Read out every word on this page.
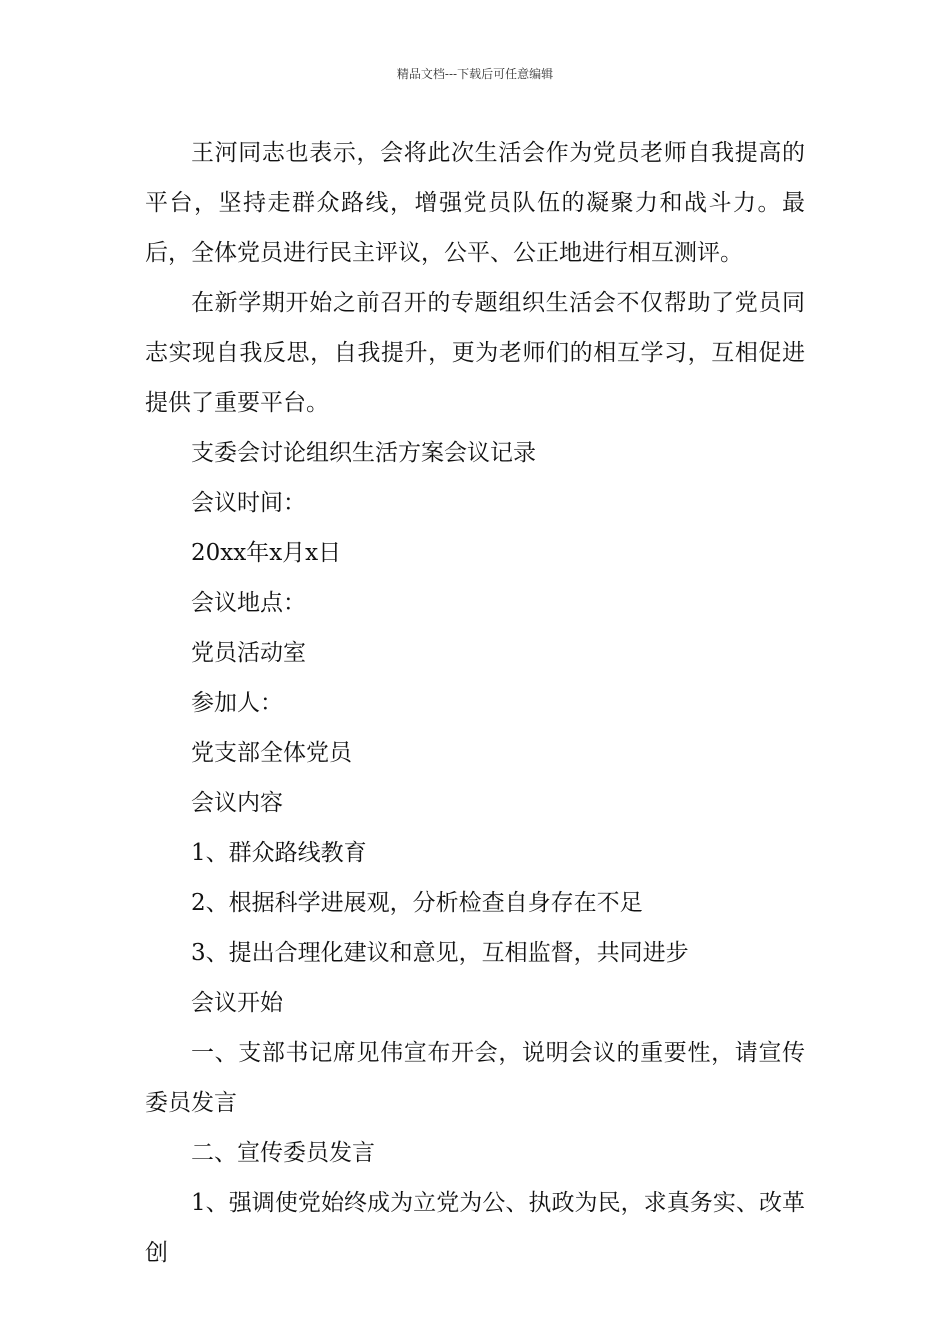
精品文档---下载后可任意编辑

王河同志也表示，会将此次生活会作为党员老师自我提高的平台，坚持走群众路线，增强党员队伍的凝聚力和战斗力。最后，全体党员进行民主评议，公平、公正地进行相互测评。

在新学期开始之前召开的专题组织生活会不仅帮助了党员同志实现自我反思，自我提升，更为老师们的相互学习，互相促进提供了重要平台。

支委会讨论组织生活方案会议记录

会议时间：

20xx年x月x日

会议地点：

党员活动室

参加人：

党支部全体党员

会议内容

1、群众路线教育

2、根据科学进展观，分析检查自身存在不足

3、提出合理化建议和意见，互相监督，共同进步

会议开始

一、支部书记席见伟宣布开会，说明会议的重要性，请宣传委员发言

二、宣传委员发言

1、强调使党始终成为立党为公、执政为民，求真务实、改革创
